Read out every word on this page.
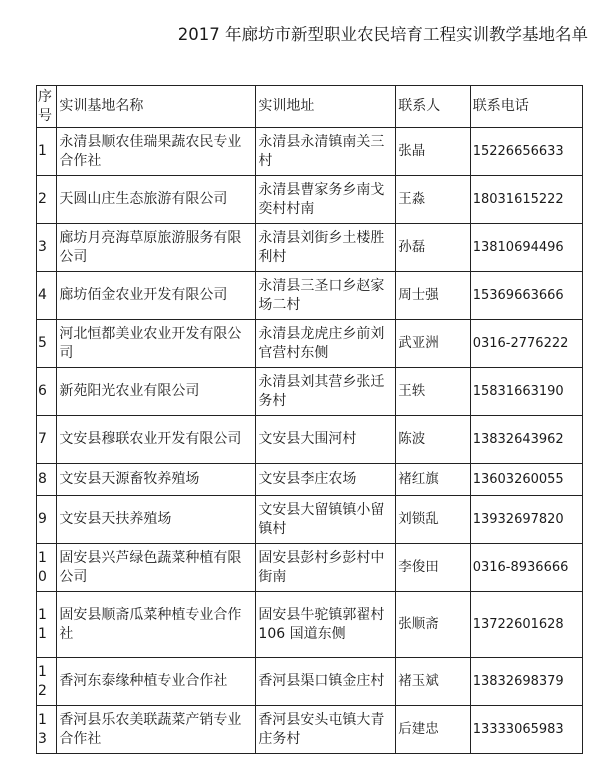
2017 年廊坊市新型职业农民培育工程实训教学基地名单
序号	实训基地名称	实训地址	联系人	联系电话
1	永清县顺农佳瑞果蔬农民专业合作社	永清县永清镇南关三村	张晶	15226656633
2	天圆山庄生态旅游有限公司	永清县曹家务乡南戈奕村村南	王淼	18031615222
3	廊坊月亮海草原旅游服务有限公司	永清县刘街乡土楼胜利村	孙磊	13810694496
4	廊坊佰金农业开发有限公司	永清县三圣口乡赵家场二村	周士强	15369663666
5	河北恒都美业农业开发有限公司	永清县龙虎庄乡前刘官营村东侧	武亚洲	0316-2776222
6	新苑阳光农业有限公司	永清县刘其营乡张迁务村	王轶	15831663190
7	文安县穆联农业开发有限公司	文安县大围河村	陈波	13832643962
8	文安县天源畜牧养殖场	文安县李庄农场	褚红旗	13603260055
9	文安县天扶养殖场	文安县大留镇镇小留镇村	刘锁乱	13932697820
10	固安县兴芦绿色蔬菜种植有限公司	固安县彭村乡彭村中街南	李俊田	0316-8936666
11	固安县顺斋瓜菜种植专业合作社	固安县牛驼镇郭翟村 106 国道东侧	张顺斋	13722601628
12	香河东泰缘种植专业合作社	香河县渠口镇金庄村	褚玉斌	13832698379
13	香河县乐农美联蔬菜产销专业合作社	香河县安头屯镇大青庄务村	后建忠	13333065983
